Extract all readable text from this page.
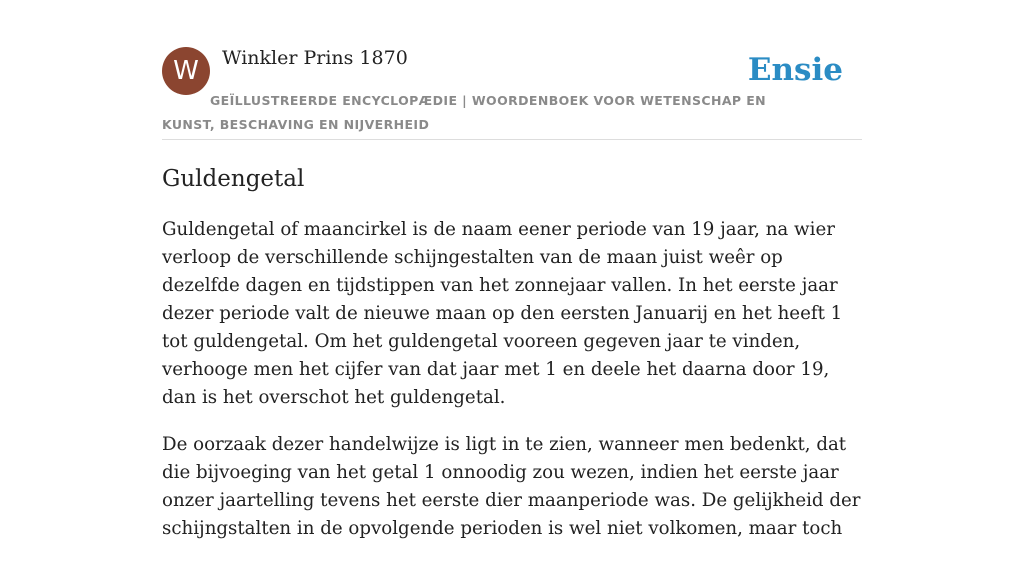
W	Winkler Prins 1870	Ensie
GEÏLLUSTREERDE ENCYCLOPÆDIE | WOORDENBOEK VOOR WETENSCHAP EN KUNST, BESCHAVING EN NIJVERHEID
Guldengetal

Guldengetal of maancirkel is de naam eener periode van 19 jaar, na wier verloop de verschillende schijngestalten van de maan juist weêr op dezelfde dagen en tijdstippen van het zonnejaar vallen. In het eerste jaar dezer periode valt de nieuwe maan op den eersten Januarij en het heeft 1 tot guldengetal. Om het guldengetal vooreen gegeven jaar te vinden, verhooge men het cijfer van dat jaar met 1 en deele het daarna door 19, dan is het overschot het guldengetal.

De oorzaak dezer handelwijze is ligt in te zien, wanneer men bedenkt, dat die bijvoeging van het getal 1 onnoodig zou wezen, indien het eerste jaar onzer jaartelling tevens het eerste dier maanperiode was. De gelijkheid der schijngstalten in de opvolgende perioden is wel niet volkomen, maar toch
